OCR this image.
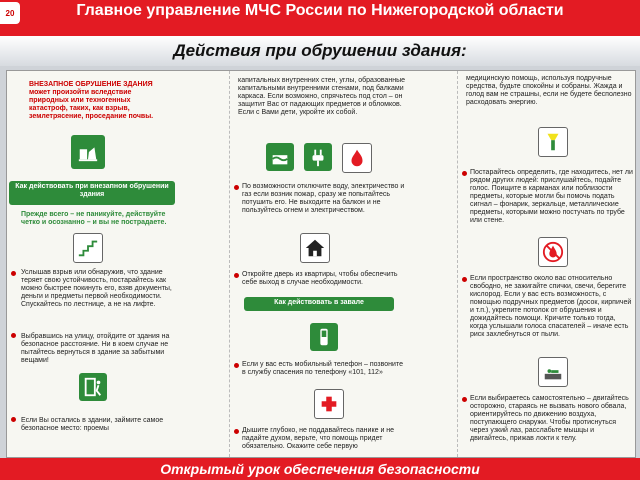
20	Главное управление МЧС России по Нижегородской области
Действия при обрушении здания:
ВНЕЗАПНОЕ ОБРУШЕНИЕ ЗДАНИЯ может произойти вследствие природных или техногенных катастроф, таких, как взрыв, землетрясение, проседание почвы.
Как действовать при внезапном обрушении здания
Прежде всего – не паникуйте, действуйте четко и осознанно – и вы не пострадаете.
Услышав взрыв или обнаружив, что здание теряет свою устойчивость, постарайтесь как можно быстрее покинуть его, взяв документы, деньги и предметы первой необходимости. Спускайтесь по лестнице, а не на лифте.
Выбравшись на улицу, отойдите от здания на безопасное расстояние. Ни в коем случае не пытайтесь вернуться в здание за забытыми вещами!
Если Вы остались в здании, займите самое безопасное место: проемы
капитальных внутренних стен, углы, образованные капитальными внутренними стенами, под балками каркаса. Если возможно, спрячьтесь под стол – он защитит Вас от падающих предметов и обломков. Если с Вами дети, укройте их собой.
По возможности отключите воду, электричество и газ если возник пожар, сразу же попытайтесь потушить его. Не выходите на балкон и не пользуйтесь огнем и электричеством.
Откройте дверь из квартиры, чтобы обеспечить себе выход в случае необходимости.
Как действовать в завале
Если у вас есть мобильный телефон – позвоните в службу спасения по телефону «101, 112»
Дышите глубоко, не поддавайтесь панике и не падайте духом, верьте, что помощь придет обязательно. Окажите себе первую
медицинскую помощь, используя подручные средства, будьте спокойны и собраны. Жажда и голод вам не страшны, если не будете бесполезно расходовать энергию.
Постарайтесь определить, где находитесь, нет ли рядом других людей: прислушайтесь, подайте голос. Поищите в карманах или поблизости предметы, которые могли бы помочь подать сигнал – фонарик, зеркальце, металлические предметы, которыми можно постучать по трубе или стене.
Если пространство около вас относительно свободно, не зажигайте спички, свечи, берегите кислород. Если у вас есть возможность, с помощью подручных предметов (досок, кирпичей и т.п.), укрепите потолок от обрушения и дожидайтесь помощи. Кричите только тогда, когда услышали голоса спасателей – иначе есть риск захлебнуться от пыли.
Если выбираетесь самостоятельно – двигайтесь осторожно, стараясь не вызвать нового обвала, ориентируйтесь по движению воздуха, поступающего снаружи. Чтобы протиснуться через узкий лаз, расслабьте мышцы и двигайтесь, прижав локти к телу.
Открытый урок обеспечения безопасности
